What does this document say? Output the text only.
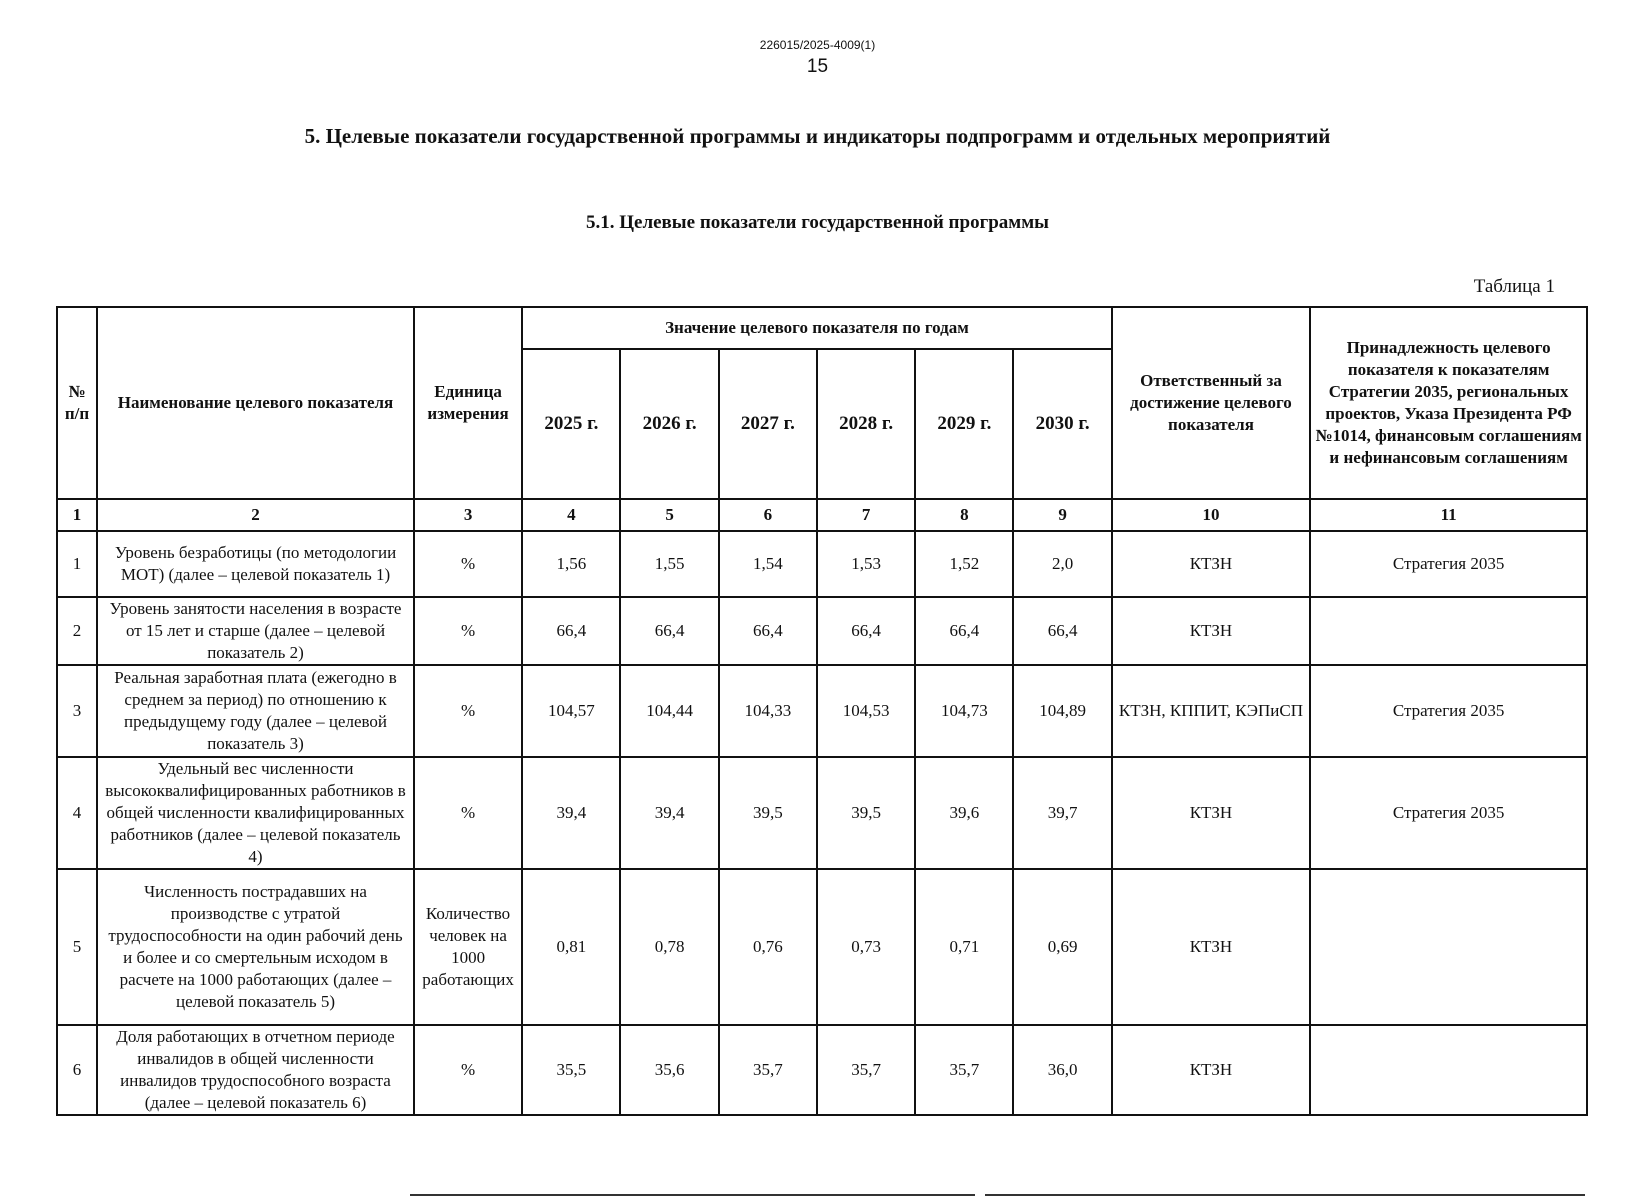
226015/2025-4009(1)
15
5. Целевые показатели государственной программы и индикаторы подпрограмм и отдельных мероприятий
5.1. Целевые показатели государственной программы
Таблица 1
№ п/п	Наименование целевого показателя	Единица измерения	Значение целевого показателя по годам						Ответственный за достижение целевого показателя	Принадлежность целевого показателя к показателям Стратегии 2035, региональных проектов, Указа Президента РФ №1014, финансовым соглашениям и нефинансовым соглашениям
			2025 г.	2026 г.	2027 г.	2028 г.	2029 г.	2030 г.		
1	2	3	4	5	6	7	8	9	10	11
1	Уровень безработицы (по методологии МОТ) (далее – целевой показатель 1)	%	1,56	1,55	1,54	1,53	1,52	2,0	КТЗН	Стратегия 2035
2	Уровень занятости населения в возрасте от 15 лет и старше (далее – целевой показатель 2)	%	66,4	66,4	66,4	66,4	66,4	66,4	КТЗН	
3	Реальная заработная плата (ежегодно в среднем за период) по отношению к предыдущему году (далее – целевой показатель 3)	%	104,57	104,44	104,33	104,53	104,73	104,89	КТЗН, КППИТ, КЭПиСП	Стратегия 2035
4	Удельный вес численности высококвалифицированных работников в общей численности квалифицированных работников (далее – целевой показатель 4)	%	39,4	39,4	39,5	39,5	39,6	39,7	КТЗН	Стратегия 2035
5	Численность пострадавших на производстве с утратой трудоспособности на один рабочий день и более и со смертельным исходом в расчете на 1000 работающих (далее – целевой показатель 5)	Количество человек на 1000 работающих	0,81	0,78	0,76	0,73	0,71	0,69	КТЗН	
6	Доля работающих в отчетном периоде инвалидов в общей численности инвалидов трудоспособного возраста (далее – целевой показатель 6)	%	35,5	35,6	35,7	35,7	35,7	36,0	КТЗН	
